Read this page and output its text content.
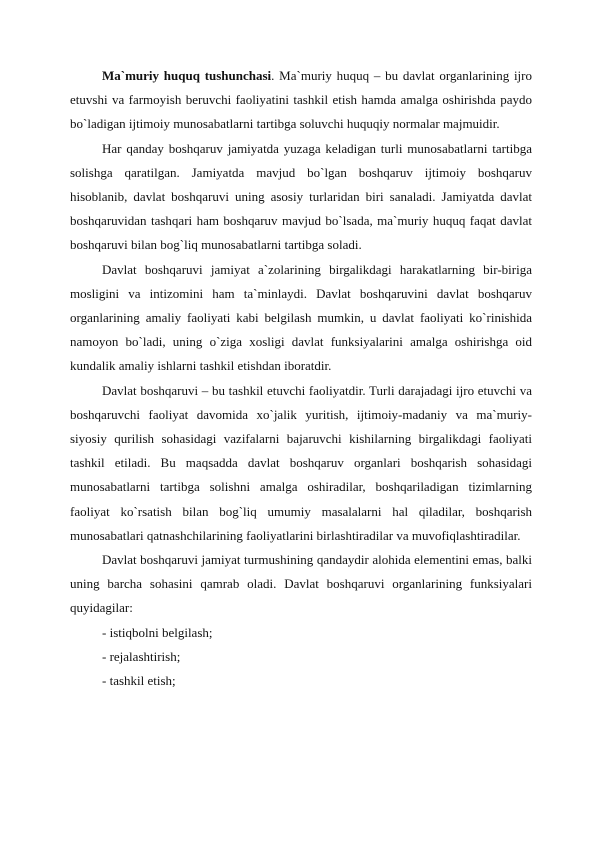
Ma`muriy huquq tushunchasi. Ma`muriy huquq – bu davlat organlarining ijro etuvshi va farmoyish beruvchi faoliyatini tashkil etish hamda amalga oshirishda paydo bo`ladigan ijtimoiy munosabatlarni tartibga soluvchi huquqiy normalar majmuidir.

Har qanday boshqaruv jamiyatda yuzaga keladigan turli munosabatlarni tartibga solishga qaratilgan. Jamiyatda mavjud bo`lgan boshqaruv ijtimoiy boshqaruv hisoblanib, davlat boshqaruvi uning asosiy turlaridan biri sanaladi. Jamiyatda davlat boshqaruvidan tashqari ham boshqaruv mavjud bo`lsada, ma`muriy huquq faqat davlat boshqaruvi bilan bog`liq munosabatlarni tartibga soladi.

Davlat boshqaruvi jamiyat a`zolarining birgalikdagi harakatlarning bir-biriga mosligini va intizomini ham ta`minlaydi. Davlat boshqaruvini davlat boshqaruv organlarining amaliy faoliyati kabi belgilash mumkin, u davlat faoliyati ko`rinishida namoyon bo`ladi, uning o`ziga xosligi davlat funksiyalarini amalga oshirishga oid kundalik amaliy ishlarni tashkil etishdan iboratdir.

Davlat boshqaruvi – bu tashkil etuvchi faoliyatdir. Turli darajadagi ijro etuvchi va boshqaruvchi faoliyat davomida xo`jalik yuritish, ijtimoiy-madaniy va ma`muriy-siyosiy qurilish sohasidagi vazifalarni bajaruvchi kishilarning birgalikdagi faoliyati tashkil etiladi. Bu maqsadda davlat boshqaruv organlari boshqarish sohasidagi munosabatlarni tartibga solishni amalga oshiradilar, boshqariladigan tizimlarning faoliyat ko`rsatish bilan bog`liq umumiy masalalarni hal qiladilar, boshqarish munosabatlari qatnashchilarining faoliyatlarini birlashtiradilar va muvofiqlashtiradilar.

Davlat boshqaruvi jamiyat turmushining qandaydir alohida elementini emas, balki uning barcha sohasini qamrab oladi. Davlat boshqaruvi organlarining funksiyalari quyidagilar:

- istiqbolni belgilash;
- rejalashtirish;
- tashkil etish;
